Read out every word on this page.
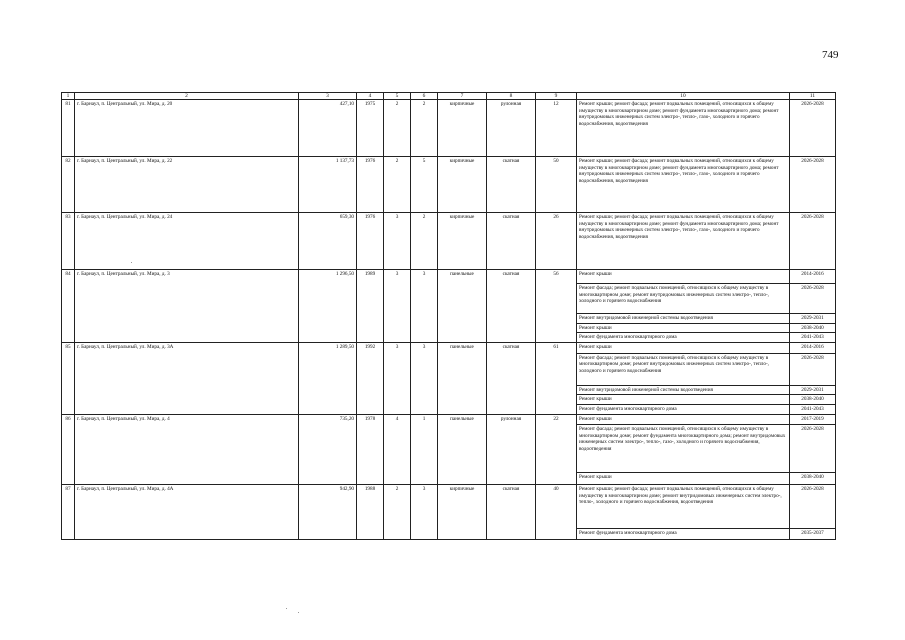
749
1	2	3	4	5	6	7	8	9	10	11
81	г. Барнаул, п. Центральный, ул. Мира, д. 20	427,10	1975	2	2	кирпичные	рулонная	12	Ремонт крыши; ремонт фасада; ремонт подвальных помещений, относящихся к общему имуществу в многоквартирном доме; ремонт фундамента многоквартирного дома; ремонт внутридомовых инженерных систем электро-, тепло-, газо-, холодного и горячего водоснабжения, водоотведения	2026-2028
82	г. Барнаул, п. Центральный, ул. Мира, д. 22	1 137,73	1976	2	5	кирпичные	скатная	50	Ремонт крыши; ремонт фасада; ремонт подвальных помещений, относящихся к общему имуществу в многоквартирном доме; ремонт фундамента многоквартирного дома; ремонт внутридомовых инженерных систем электро-, тепло-, газо-, холодного и горячего водоснабжения, водоотведения	2026-2028
83	г. Барнаул, п. Центральный, ул. Мира, д. 24	659,30	1976	3	2	кирпичные	скатная	26	Ремонт крыши; ремонт фасада; ремонт подвальных помещений, относящихся к общему имуществу в многоквартирном доме; ремонт фундамента многоквартирного дома; ремонт внутридомовых инженерных систем электро-, тепло-, газо-, холодного и горячего водоснабжения, водоотведения	2026-2028
84	г. Барнаул, п. Центральный, ул. Мира, д. 3	1 296,50	1989	3	3	панельные	скатная	56	Ремонт крыши	2014-2016
									Ремонт фасада; ремонт подвальных помещений, относящихся к общему имуществу в многоквартирном доме; ремонт внутридомовых инженерных систем электро-, тепло-, холодного и горячего водоснабжения	2026-2028
									Ремонт внутридомовой инженерной системы водоотведения	2029-2031
									Ремонт крыши	2038-2040
									Ремонт фундамента многоквартирного дома	2041-2043
85	г. Барнаул, п. Центральный, ул. Мира, д. 3А	1 289,50	1992	3	3	панельные	скатная	61	Ремонт крыши	2014-2016
									Ремонт фасада; ремонт подвальных помещений, относящихся к общему имуществу в многоквартирном доме; ремонт внутридомовых инженерных систем электро-, тепло-, холодного и горячего водоснабжения	2026-2028
									Ремонт внутридомовой инженерной системы водоотведения	2029-2031
									Ремонт крыши	2038-2040
									Ремонт фундамента многоквартирного дома	2041-2043
86	г. Барнаул, п. Центральный, ул. Мира, д. 4	735,20	1978	4	1	панельные	рулонная	22	Ремонт крыши	2017-2019
									Ремонт фасада; ремонт подвальных помещений, относящихся к общему имуществу в многоквартирном доме; ремонт фундамента многоквартирного дома; ремонт внутридомовых инженерных систем электро-, тепло-, газо-, холодного и горячего водоснабжения, водоотведения	2026-2028
									Ремонт крыши	2038-2040
87	г. Барнаул, п. Центральный, ул. Мира, д. 4А	942,90	1988	2	3	кирпичные	скатная	40	Ремонт крыши; ремонт фасада; ремонт подвальных помещений, относящихся к общему имуществу в многоквартирном доме; ремонт внутридомовых инженерных систем электро-, тепло-, холодного и горячего водоснабжения, водоотведения	2026-2028
									Ремонт фундамента многоквартирного дома	2035-2037
